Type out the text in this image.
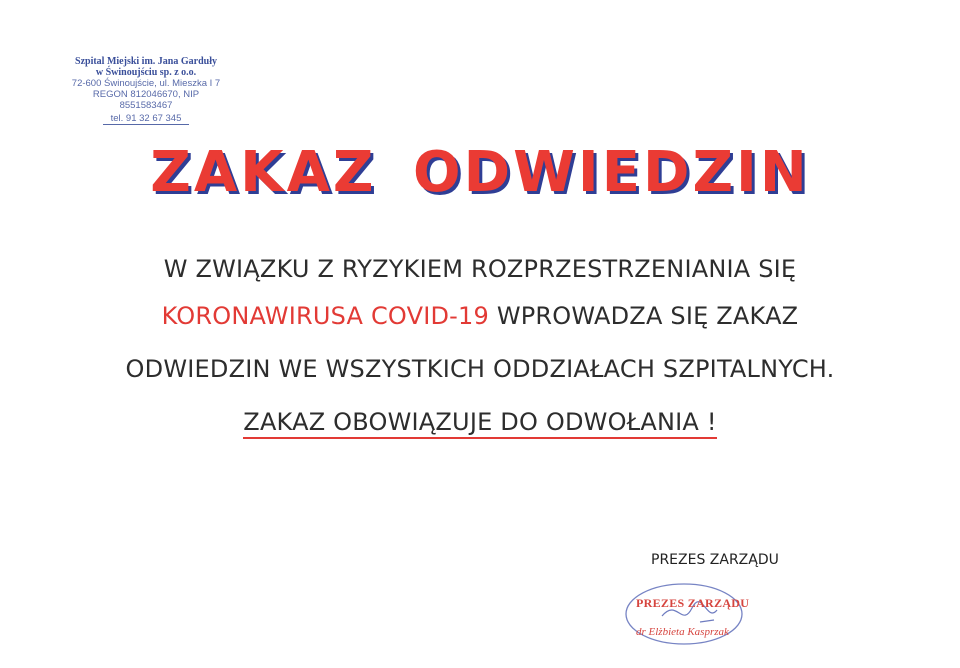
Szpital Miejski im. Jana Garduły
w Świnoujściu sp. z o.o.
72-600 Świnoujście, ul. Mieszka I 7
REGON 812046670, NIP 8551583467
tel. 91 32 67 345
ZAKAZ ODWIEDZIN
W ZWIĄZKU Z RYZYKIEM ROZPRZESTRZENIANIA SIĘ
KORONAWIRUSA COVID-19 WPROWADZA SIĘ ZAKAZ
ODWIEDZIN WE WSZYSTKICH ODDZIAŁACH SZPITALNYCH.
ZAKAZ OBOWIĄZUJE DO ODWOŁANIA !
PREZES ZARZĄDU
PREZES ZARZĄDU
dr Elżbieta Kasprzak
